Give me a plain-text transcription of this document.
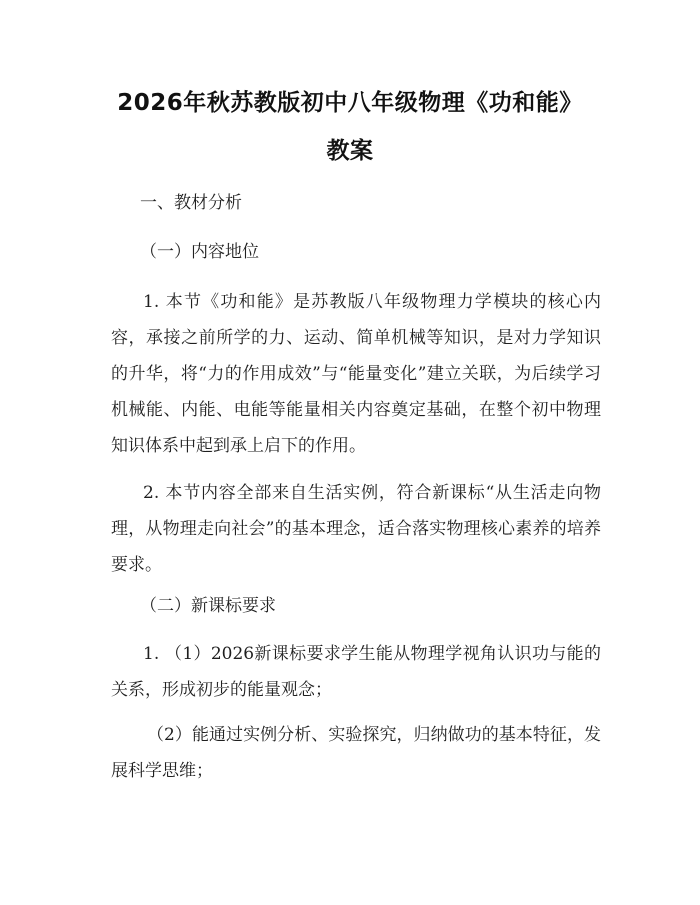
2026年秋苏教版初中八年级物理《功和能》
教案
一、教材分析
（一）内容地位
1. 本节《功和能》是苏教版八年级物理力学模块的核心内容，承接之前所学的力、运动、简单机械等知识，是对力学知识的升华，将“力的作用成效”与“能量变化”建立关联，为后续学习机械能、内能、电能等能量相关内容奠定基础，在整个初中物理知识体系中起到承上启下的作用。
2. 本节内容全部来自生活实例，符合新课标“从生活走向物理，从物理走向社会”的基本理念，适合落实物理核心素养的培养要求。
（二）新课标要求
1. （1）2026新课标要求学生能从物理学视角认识功与能的关系，形成初步的能量观念；
（2）能通过实例分析、实验探究，归纳做功的基本特征，发展科学思维；
